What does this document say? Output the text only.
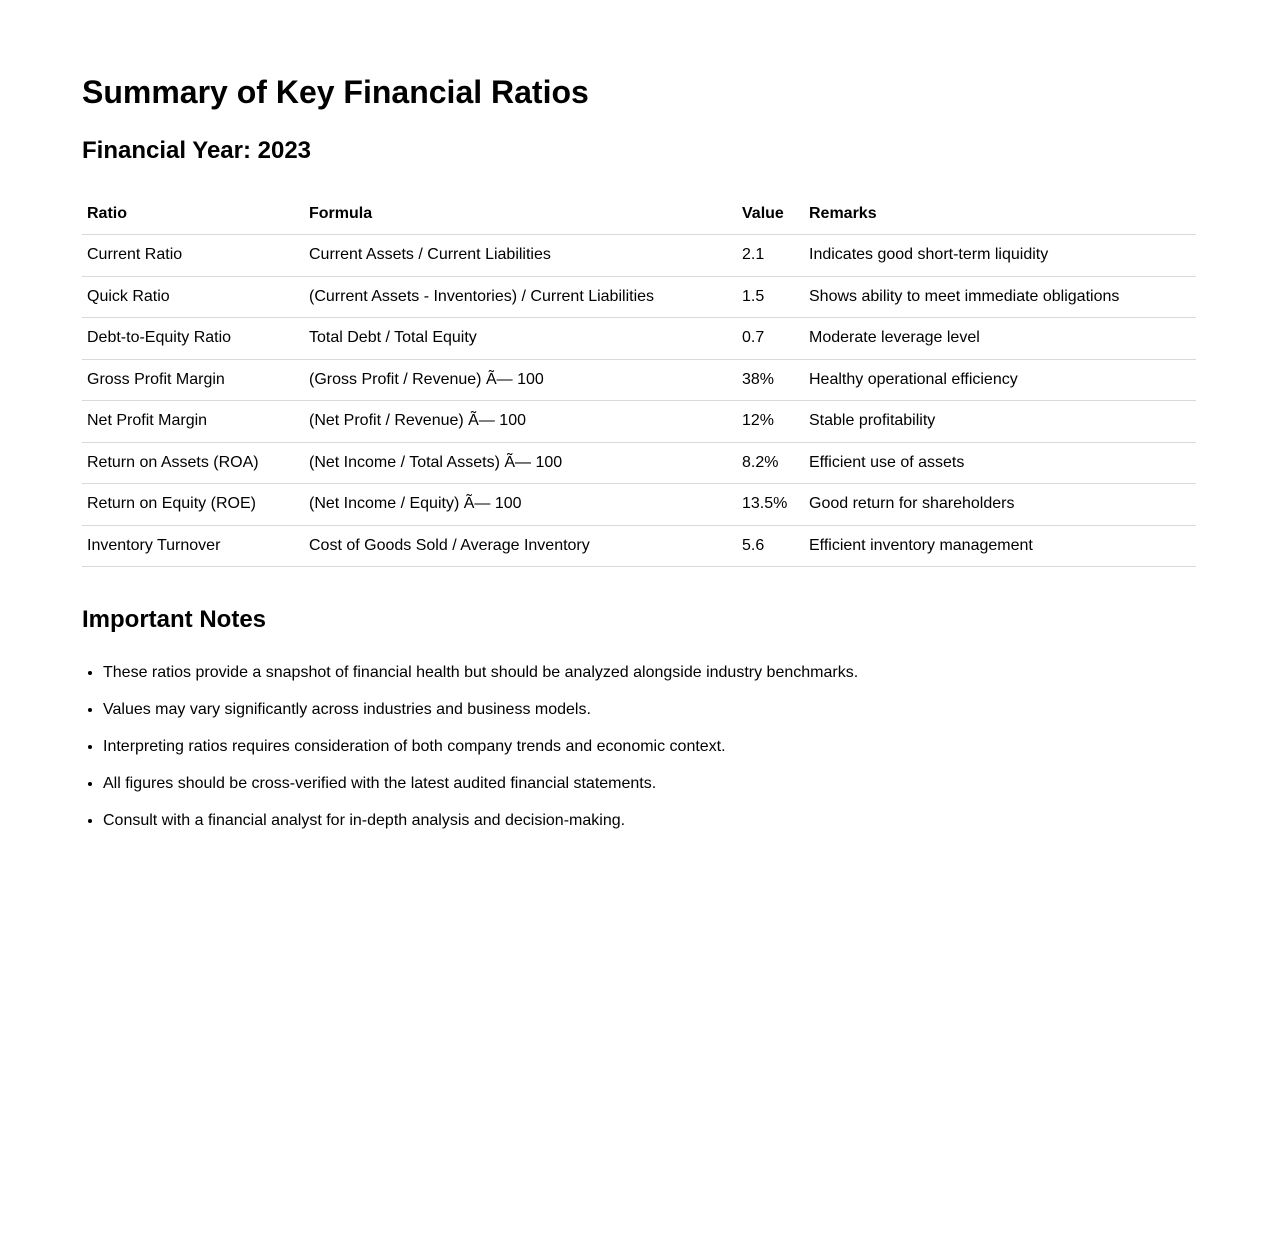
Summary of Key Financial Ratios
Financial Year: 2023
Ratio	Formula	Value	Remarks
Current Ratio	Current Assets / Current Liabilities	2.1	Indicates good short-term liquidity
Quick Ratio	(Current Assets - Inventories) / Current Liabilities	1.5	Shows ability to meet immediate obligations
Debt-to-Equity Ratio	Total Debt / Total Equity	0.7	Moderate leverage level
Gross Profit Margin	(Gross Profit / Revenue) Ã— 100	38%	Healthy operational efficiency
Net Profit Margin	(Net Profit / Revenue) Ã— 100	12%	Stable profitability
Return on Assets (ROA)	(Net Income / Total Assets) Ã— 100	8.2%	Efficient use of assets
Return on Equity (ROE)	(Net Income / Equity) Ã— 100	13.5%	Good return for shareholders
Inventory Turnover	Cost of Goods Sold / Average Inventory	5.6	Efficient inventory management
Important Notes
• These ratios provide a snapshot of financial health but should be analyzed alongside industry benchmarks.
• Values may vary significantly across industries and business models.
• Interpreting ratios requires consideration of both company trends and economic context.
• All figures should be cross-verified with the latest audited financial statements.
• Consult with a financial analyst for in-depth analysis and decision-making.
